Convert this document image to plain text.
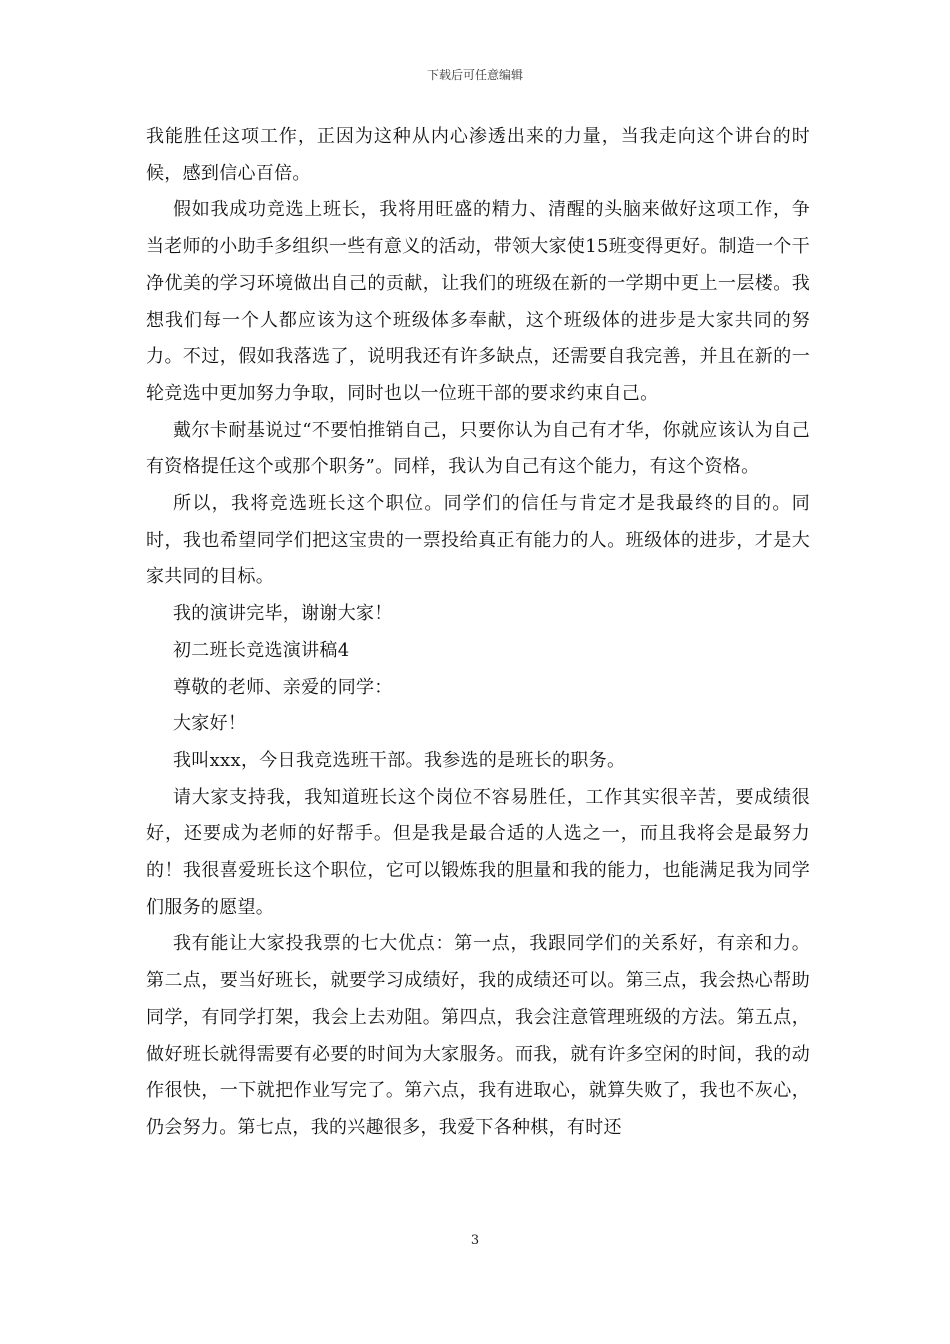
下载后可任意编辑

我能胜任这项工作，正因为这种从内心渗透出来的力量，当我走向这个讲台的时候，感到信心百倍。

假如我成功竞选上班长，我将用旺盛的精力、清醒的头脑来做好这项工作，争当老师的小助手多组织一些有意义的活动，带领大家使15班变得更好。制造一个干净优美的学习环境做出自己的贡献，让我们的班级在新的一学期中更上一层楼。我想我们每一个人都应该为这个班级体多奉献，这个班级体的进步是大家共同的努力。不过，假如我落选了，说明我还有许多缺点，还需要自我完善，并且在新的一轮竞选中更加努力争取，同时也以一位班干部的要求约束自己。

戴尔卡耐基说过“不要怕推销自己，只要你认为自己有才华，你就应该认为自己有资格提任这个或那个职务”。同样，我认为自己有这个能力，有这个资格。

所以，我将竞选班长这个职位。同学们的信任与肯定才是我最终的目的。同时，我也希望同学们把这宝贵的一票投给真正有能力的人。班级体的进步，才是大家共同的目标。

我的演讲完毕，谢谢大家！

初二班长竞选演讲稿4

尊敬的老师、亲爱的同学：

大家好！

我叫xxx，今日我竞选班干部。我参选的是班长的职务。

请大家支持我，我知道班长这个岗位不容易胜任，工作其实很辛苦，要成绩很好，还要成为老师的好帮手。但是我是最合适的人选之一，而且我将会是最努力的！我很喜爱班长这个职位，它可以锻炼我的胆量和我的能力，也能满足我为同学们服务的愿望。

我有能让大家投我票的七大优点：第一点，我跟同学们的关系好，有亲和力。第二点，要当好班长，就要学习成绩好，我的成绩还可以。第三点，我会热心帮助同学，有同学打架，我会上去劝阻。第四点，我会注意管理班级的方法。第五点，做好班长就得需要有必要的时间为大家服务。而我，就有许多空闲的时间，我的动作很快，一下就把作业写完了。第六点，我有进取心，就算失败了，我也不灰心，仍会努力。第七点，我的兴趣很多，我爱下各种棋，有时还

3
